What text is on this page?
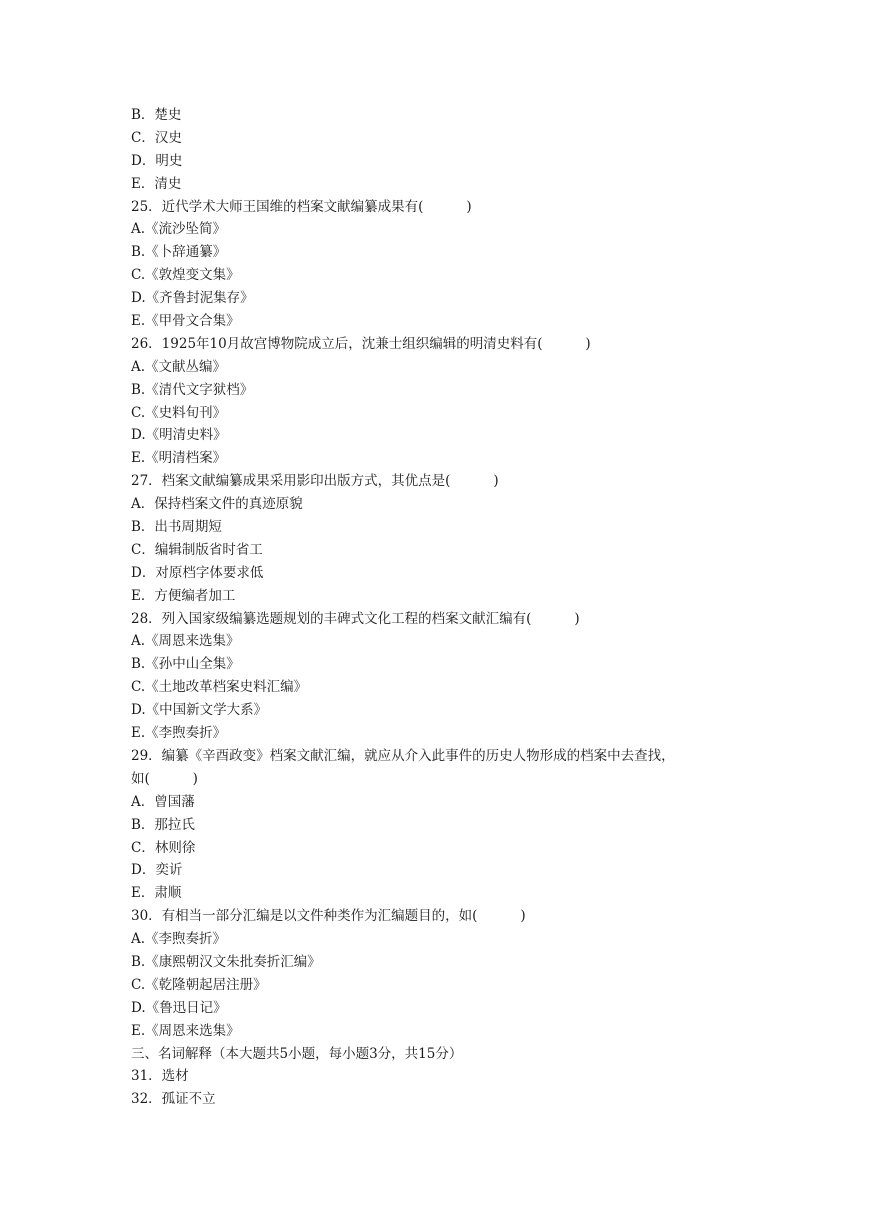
B．楚史
C．汉史
D．明史
E．清史
25．近代学术大师王国维的档案文献编纂成果有(          )
A.《流沙坠简》
B.《卜辞通纂》
C.《敦煌变文集》
D.《齐鲁封泥集存》
E.《甲骨文合集》
26．1925年10月故宫博物院成立后，沈兼士组织编辑的明清史料有(          )
A.《文献丛编》
B.《清代文字狱档》
C.《史料旬刊》
D.《明清史料》
E.《明清档案》
27．档案文献编纂成果采用影印出版方式，其优点是(          )
A．保持档案文件的真迹原貌
B．出书周期短
C．编辑制版省时省工
D．对原档字体要求低
E．方便编者加工
28．列入国家级编纂选题规划的丰碑式文化工程的档案文献汇编有(          )
A.《周恩来选集》
B.《孙中山全集》
C.《土地改革档案史料汇编》
D.《中国新文学大系》
E.《李煦奏折》
29．编纂《辛酉政变》档案文献汇编，就应从介入此事件的历史人物形成的档案中去查找，
如(          )
A．曾国藩
B．那拉氏
C．林则徐
D．奕䜣
E．肃顺
30．有相当一部分汇编是以文件种类作为汇编题目的，如(          )
A.《李煦奏折》
B.《康熙朝汉文朱批奏折汇编》
C.《乾隆朝起居注册》
D.《鲁迅日记》
E.《周恩来选集》
三、名词解释（本大题共5小题，每小题3分，共15分）
31．选材
32．孤证不立
